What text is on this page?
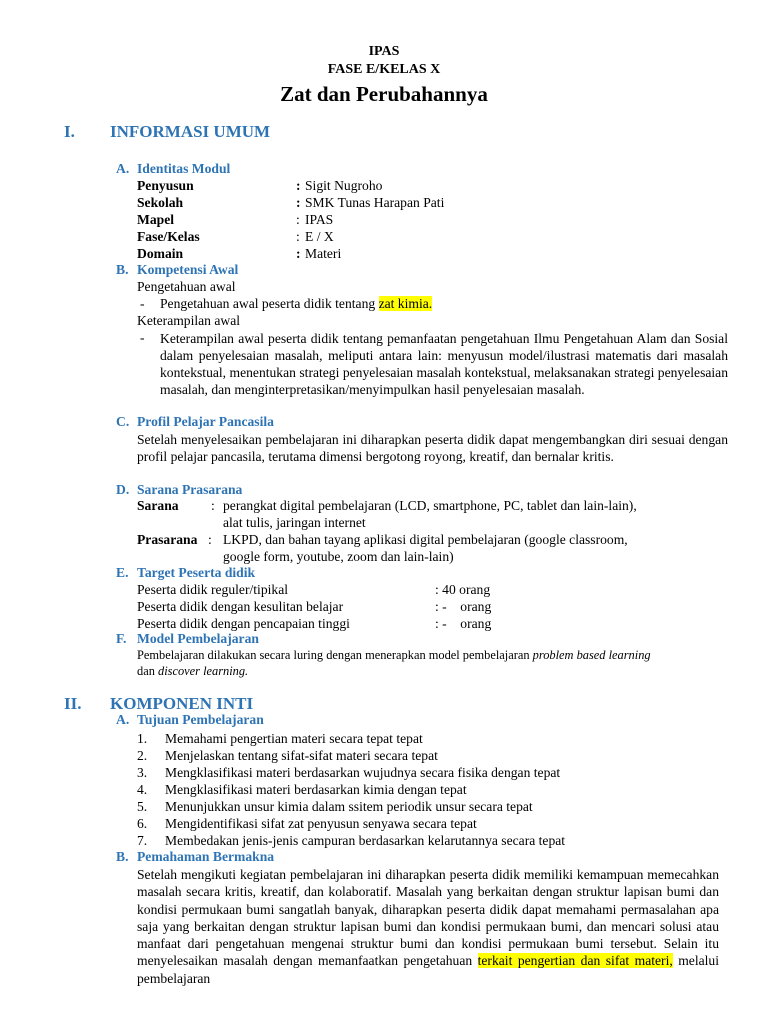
IPAS
FASE E/KELAS X
Zat dan Perubahannya
I. INFORMASI UMUM
A. Identitas Modul
Penyusun	: Sigit Nugroho
Sekolah	: SMK Tunas Harapan Pati
Mapel	: IPAS
Fase/Kelas	: E / X
Domain	: Materi
B. Kompetensi Awal
Pengetahuan awal
- Pengetahuan awal peserta didik tentang zat kimia.
Keterampilan awal
- Keterampilan awal peserta didik tentang pemanfaatan pengetahuan Ilmu Pengetahuan Alam dan Sosial dalam penyelesaian masalah, meliputi antara lain: menyusun model/ilustrasi matematis dari masalah kontekstual, menentukan strategi penyelesaian masalah kontekstual, melaksanakan strategi penyelesaian masalah, dan menginterpretasikan/menyimpulkan hasil penyelesaian masalah.
C. Profil Pelajar Pancasila
Setelah menyelesaikan pembelajaran ini diharapkan peserta didik dapat mengembangkan diri sesuai dengan profil pelajar pancasila, terutama dimensi bergotong royong, kreatif, dan bernalar kritis.
D. Sarana Prasarana
Sarana : perangkat digital pembelajaran (LCD, smartphone, PC, tablet dan lain-lain),
alat tulis, jaringan internet
Prasarana : LKPD, dan bahan tayang aplikasi digital pembelajaran (google classroom,
google form, youtube, zoom dan lain-lain)
E. Target Peserta didik
Peserta didik reguler/tipikal	: 40 orang
Peserta didik dengan kesulitan belajar	: -    orang
Peserta didik dengan pencapaian tinggi	: -    orang
F. Model Pembelajaran
Pembelajaran dilakukan secara luring dengan menerapkan model pembelajaran problem based learning
dan discover learning.
II. KOMPONEN INTI
A. Tujuan Pembelajaran
1. Memahami pengertian materi secara tepat tepat
2. Menjelaskan tentang sifat-sifat materi secara tepat
3. Mengklasifikasi materi berdasarkan wujudnya secara fisika dengan tepat
4. Mengklasifikasi materi berdasarkan kimia dengan tepat
5. Menunjukkan unsur kimia dalam ssitem periodik unsur secara tepat
6. Mengidentifikasi sifat zat penyusun senyawa secara tepat
7. Membedakan jenis-jenis campuran berdasarkan kelarutannya secara tepat
B. Pemahaman Bermakna
Setelah mengikuti kegiatan pembelajaran ini diharapkan peserta didik memiliki kemampuan memecahkan masalah secara kritis, kreatif, dan kolaboratif. Masalah yang berkaitan dengan struktur lapisan bumi dan kondisi permukaan bumi sangatlah banyak, diharapkan peserta didik dapat memahami permasalahan apa saja yang berkaitan dengan struktur lapisan bumi dan kondisi permukaan bumi, dan mencari solusi atau manfaat dari pengetahuan mengenai struktur bumi dan kondisi permukaan bumi tersebut. Selain itu menyelesaikan masalah dengan memanfaatkan pengetahuan terkait pengertian dan sifat materi, melalui pembelajaran
